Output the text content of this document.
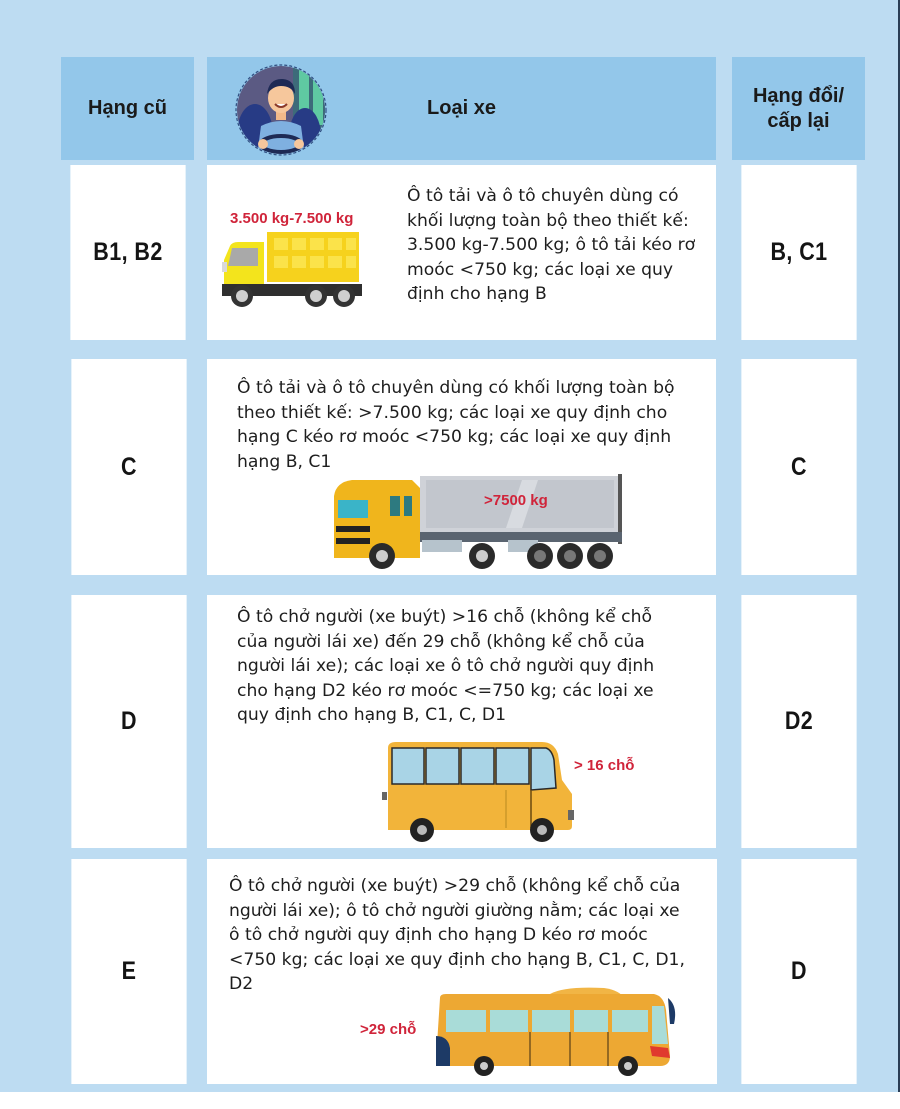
Hạng cũ	Loại xe
Hạng đổi/
cấp lại
B1, B2
3.500 kg-7.500 kg
Ô tô tải và ô tô chuyên dùng có khối lượng toàn bộ theo thiết kế: 3.500 kg-7.500 kg; ô tô tải kéo rơ moóc <750 kg; các loại xe quy định cho hạng B
B, C1
C
Ô tô tải và ô tô chuyên dùng có khối lượng toàn bộ theo thiết kế: >7.500 kg; các loại xe quy định cho hạng C kéo rơ moóc <750 kg; các loại xe quy định hạng B, C1
>7500 kg
C
D
Ô tô chở người (xe buýt) >16 chỗ (không kể chỗ của người lái xe) đến 29 chỗ (không kể chỗ của người lái xe); các loại xe ô tô chở người quy định cho hạng D2 kéo rơ moóc <=750 kg; các loại xe quy định cho hạng B, C1, C, D1
> 16 chỗ
D2
E
Ô tô chở người (xe buýt) >29 chỗ (không kể chỗ của người lái xe); ô tô chở người giường nằm; các loại xe ô tô chở người quy định cho hạng D kéo rơ moóc <750 kg; các loại xe quy định cho hạng B, C1, C, D1, D2
>29 chỗ
D
